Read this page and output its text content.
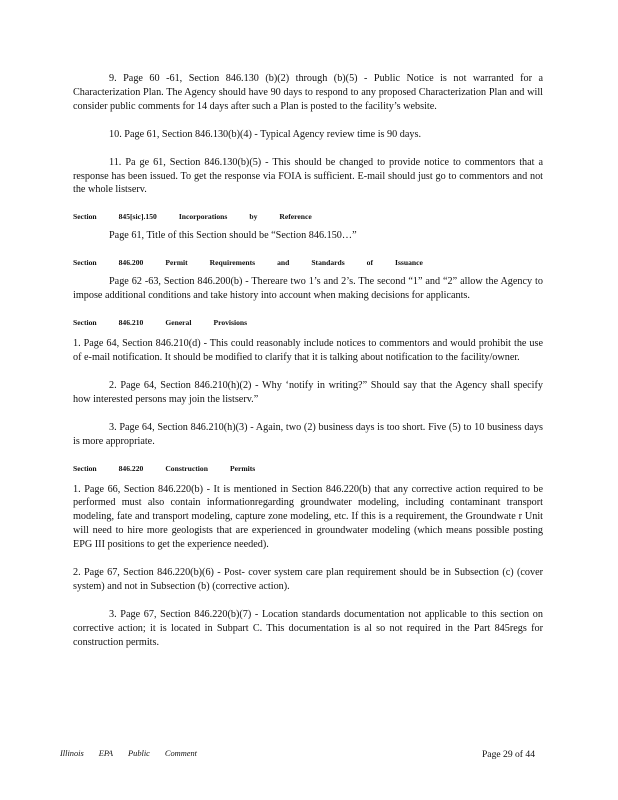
9. Page 60 -61, Section 846.130 (b)(2) through (b)(5) - Public Notice is not warranted for a Characterization Plan. The Agency should have 90 days to respond to any proposed Characterization Plan and will consider public comments for 14 days after such a Plan is posted to the facility’s website.

10. Page 61, Section 846.130(b)(4) - Typical Agency review time is 90 days.

11. Pa ge 61, Section 846.130(b)(5) - This should be changed to provide notice to commentors that a response has been issued. To get the response via FOIA is sufficient. E-mail should just go to commentors and not the whole listserv.

Section	845[sic].150	Incorporations	by	Reference

Page 61, Title of this Section should be “Section 846.150…”

Section	846.200	Permit	Requirements	and	Standards	of	Issuance

Page 62 -63, Section 846.200(b) - Thereare two 1’s and 2’s. The second “1” and “2” allow the Agency to impose additional conditions and take history into account when making decisions for applicants.

Section	846.210	General	Provisions

1. Page 64, Section 846.210(d) - This could reasonably include notices to commentors and would prohibit the use of e-mail notification. It should be modified to clarify that it is talking about notification to the facility/owner.

2. Page 64, Section 846.210(h)(2) - Why ‘notify in writing?” Should say that the Agency shall specify how interested persons may join the listserv.”

3. Page 64, Section 846.210(h)(3) - Again, two (2) business days is too short. Five (5) to 10 business days is more appropriate.

Section	846.220	Construction	Permits

1. Page 66, Section 846.220(b) - It is mentioned in Section 846.220(b) that any corrective action required to be performed must also contain informationregarding groundwater modeling, including contaminant transport modeling, fate and transport modeling, capture zone modeling, etc. If this is a requirement, the Groundwate r Unit will need to hire more geologists that are experienced in groundwater modeling (which means possible posting EPG III positions to get the experience needed).

2. Page 67, Section 846.220(b)(6) - Post- cover system care plan requirement should be in Subsection (c) (cover system) and not in Subsection (b) (corrective action).

3. Page 67, Section 846.220(b)(7) - Location standards documentation not applicable to this section on corrective action; it is located in Subpart C. This documentation is al so not required in the Part 845regs for construction permits.

Illinois EPA Public Comment	Page 29 of 44
